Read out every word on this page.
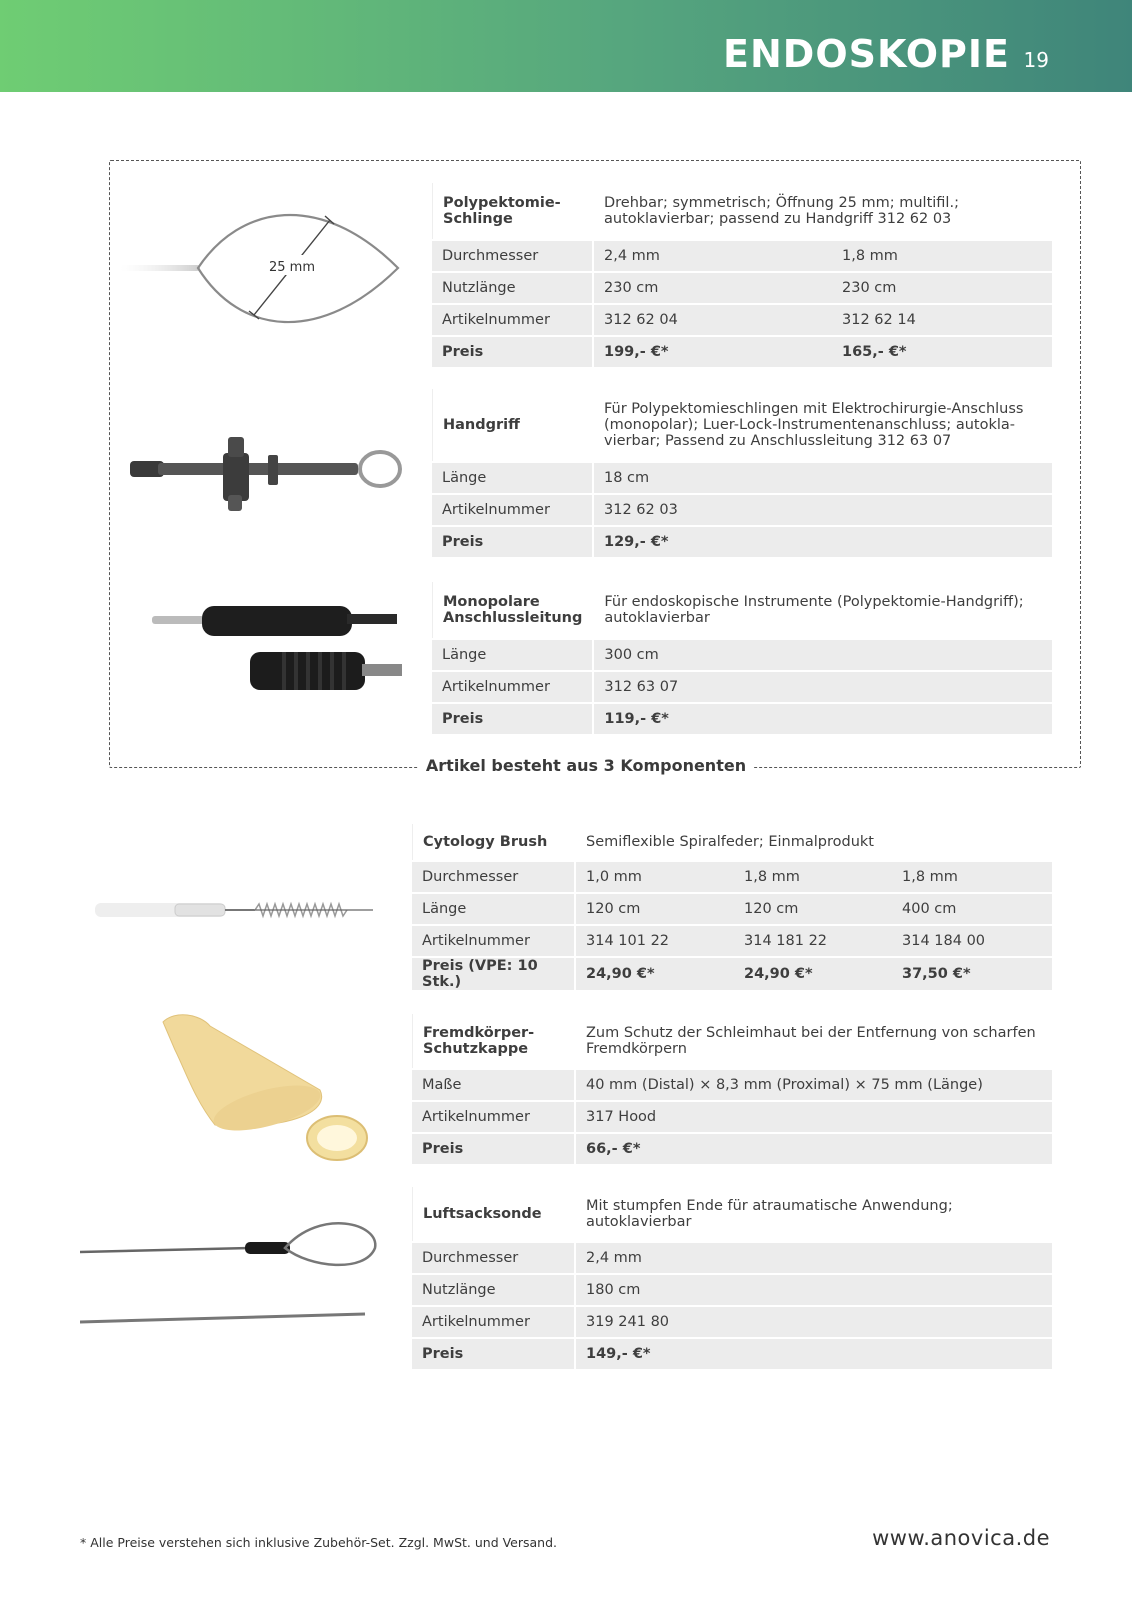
ENDOSKOPIE 19
Artikel besteht aus 3 Komponenten
25 mm
Polypektomie-Schlinge	Drehbar; symmetrisch; Öffnung 25 mm; multifil.; autoklavierbar; passend zu Handgriff 312 62 03	
Durchmesser	2,4 mm	1,8 mm
Nutzlänge	230 cm	230 cm
Artikelnummer	312 62 04	312 62 14
Preis	199,- €*	165,- €*
Handgriff	Für Polypektomieschlingen mit Elektrochirurgie-Anschluss (monopolar); Luer-Lock-Instrumentenanschluss; autokla-vierbar; Passend zu Anschlussleitung 312 63 07
Länge	18 cm
Artikelnummer	312 62 03
Preis	129,- €*
Monopolare Anschlussleitung	Für endoskopische Instrumente (Polypektomie-Handgriff); autoklavierbar
Länge	300 cm
Artikelnummer	312 63 07
Preis	119,- €*
Cytology Brush	Semiflexible Spiralfeder; Einmalprodukt		
Durchmesser	1,0 mm	1,8 mm	1,8 mm
Länge	120 cm	120 cm	400 cm
Artikelnummer	314 101 22	314 181 22	314 184 00
Preis (VPE: 10 Stk.)	24,90 €*	24,90 €*	37,50 €*
Fremdkörper-Schutzkappe	Zum Schutz der Schleimhaut bei der Entfernung von scharfen Fremdkörpern
Maße	40 mm (Distal) × 8,3 mm (Proximal) × 75 mm (Länge)
Artikelnummer	317 Hood
Preis	66,- €*
Luftsacksonde	Mit stumpfen Ende für atraumatische Anwendung; autoklavierbar
Durchmesser	2,4 mm
Nutzlänge	180 cm
Artikelnummer	319 241 80
Preis	149,- €*
* Alle Preise verstehen sich inklusive Zubehör-Set. Zzgl. MwSt. und Versand.	www.anovica.de
